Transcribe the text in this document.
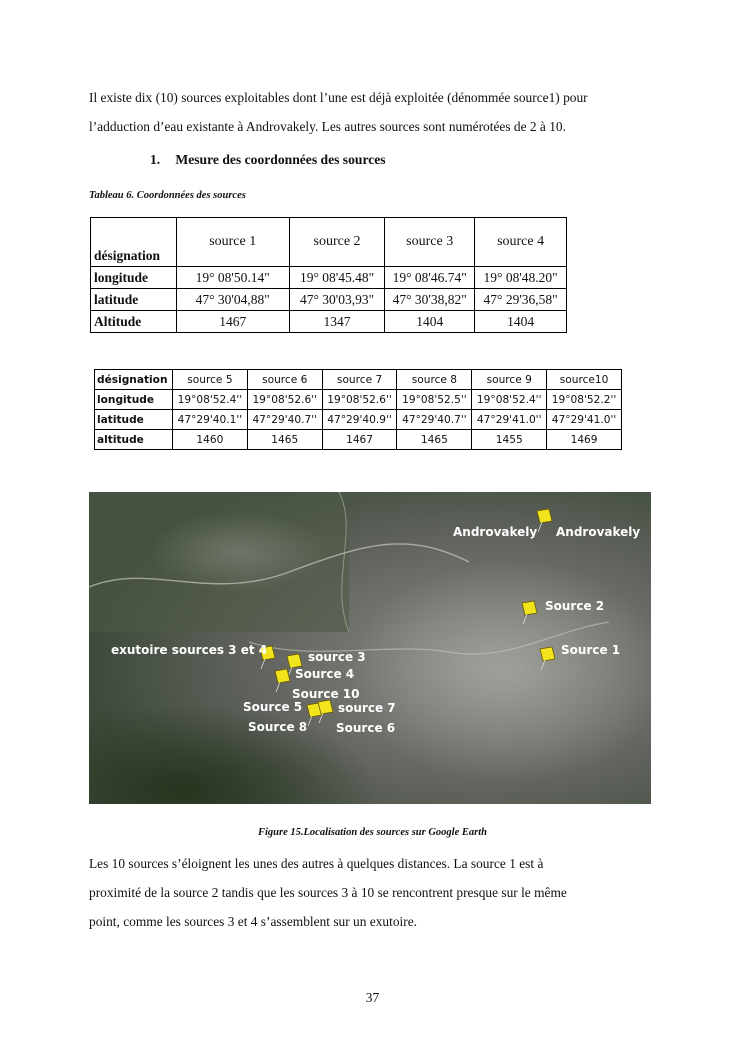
Il existe dix (10) sources exploitables dont l’une est déjà exploitée (dénommée source1) pour
l’adduction d’eau existante à Androvakely. Les autres sources sont numérotées de 2 à 10.
1. Mesure des coordonnées des sources
Tableau 6. Coordonnées des sources
désignation	source 1	source 2	source 3	source 4
longitude	19° 08'50.14"	19° 08'45.48"	19° 08'46.74"	19° 08'48.20"
latitude	47° 30'04,88"	47° 30'03,93"	47° 30'38,82"	47° 29'36,58"
Altitude	1467	1347	1404	1404
désignation	source 5	source 6	source 7	source 8	source 9	source10
longitude	19°08'52.4''	19°08'52.6''	19°08'52.6''	19°08'52.5''	19°08'52.4''	19°08'52.2''
latitude	47°29'40.1''	47°29'40.7''	47°29'40.9''	47°29'40.7''	47°29'41.0''	47°29'41.0''
altitude	1460	1465	1467	1465	1455	1469
Androvakely Androvakely
Source 2
Source 1
exutoire sources 3 et 4	source 3
Source 4
Source 10
Source 5	source 7
Source 8 Source 6
Figure 15.Localisation des sources sur Google Earth
Les 10 sources s’éloignent les unes des autres à quelques distances. La source 1 est à
proximité de la source 2 tandis que les sources 3 à 10 se rencontrent presque sur le même
point, comme les sources 3 et 4 s’assemblent sur un exutoire.
37
